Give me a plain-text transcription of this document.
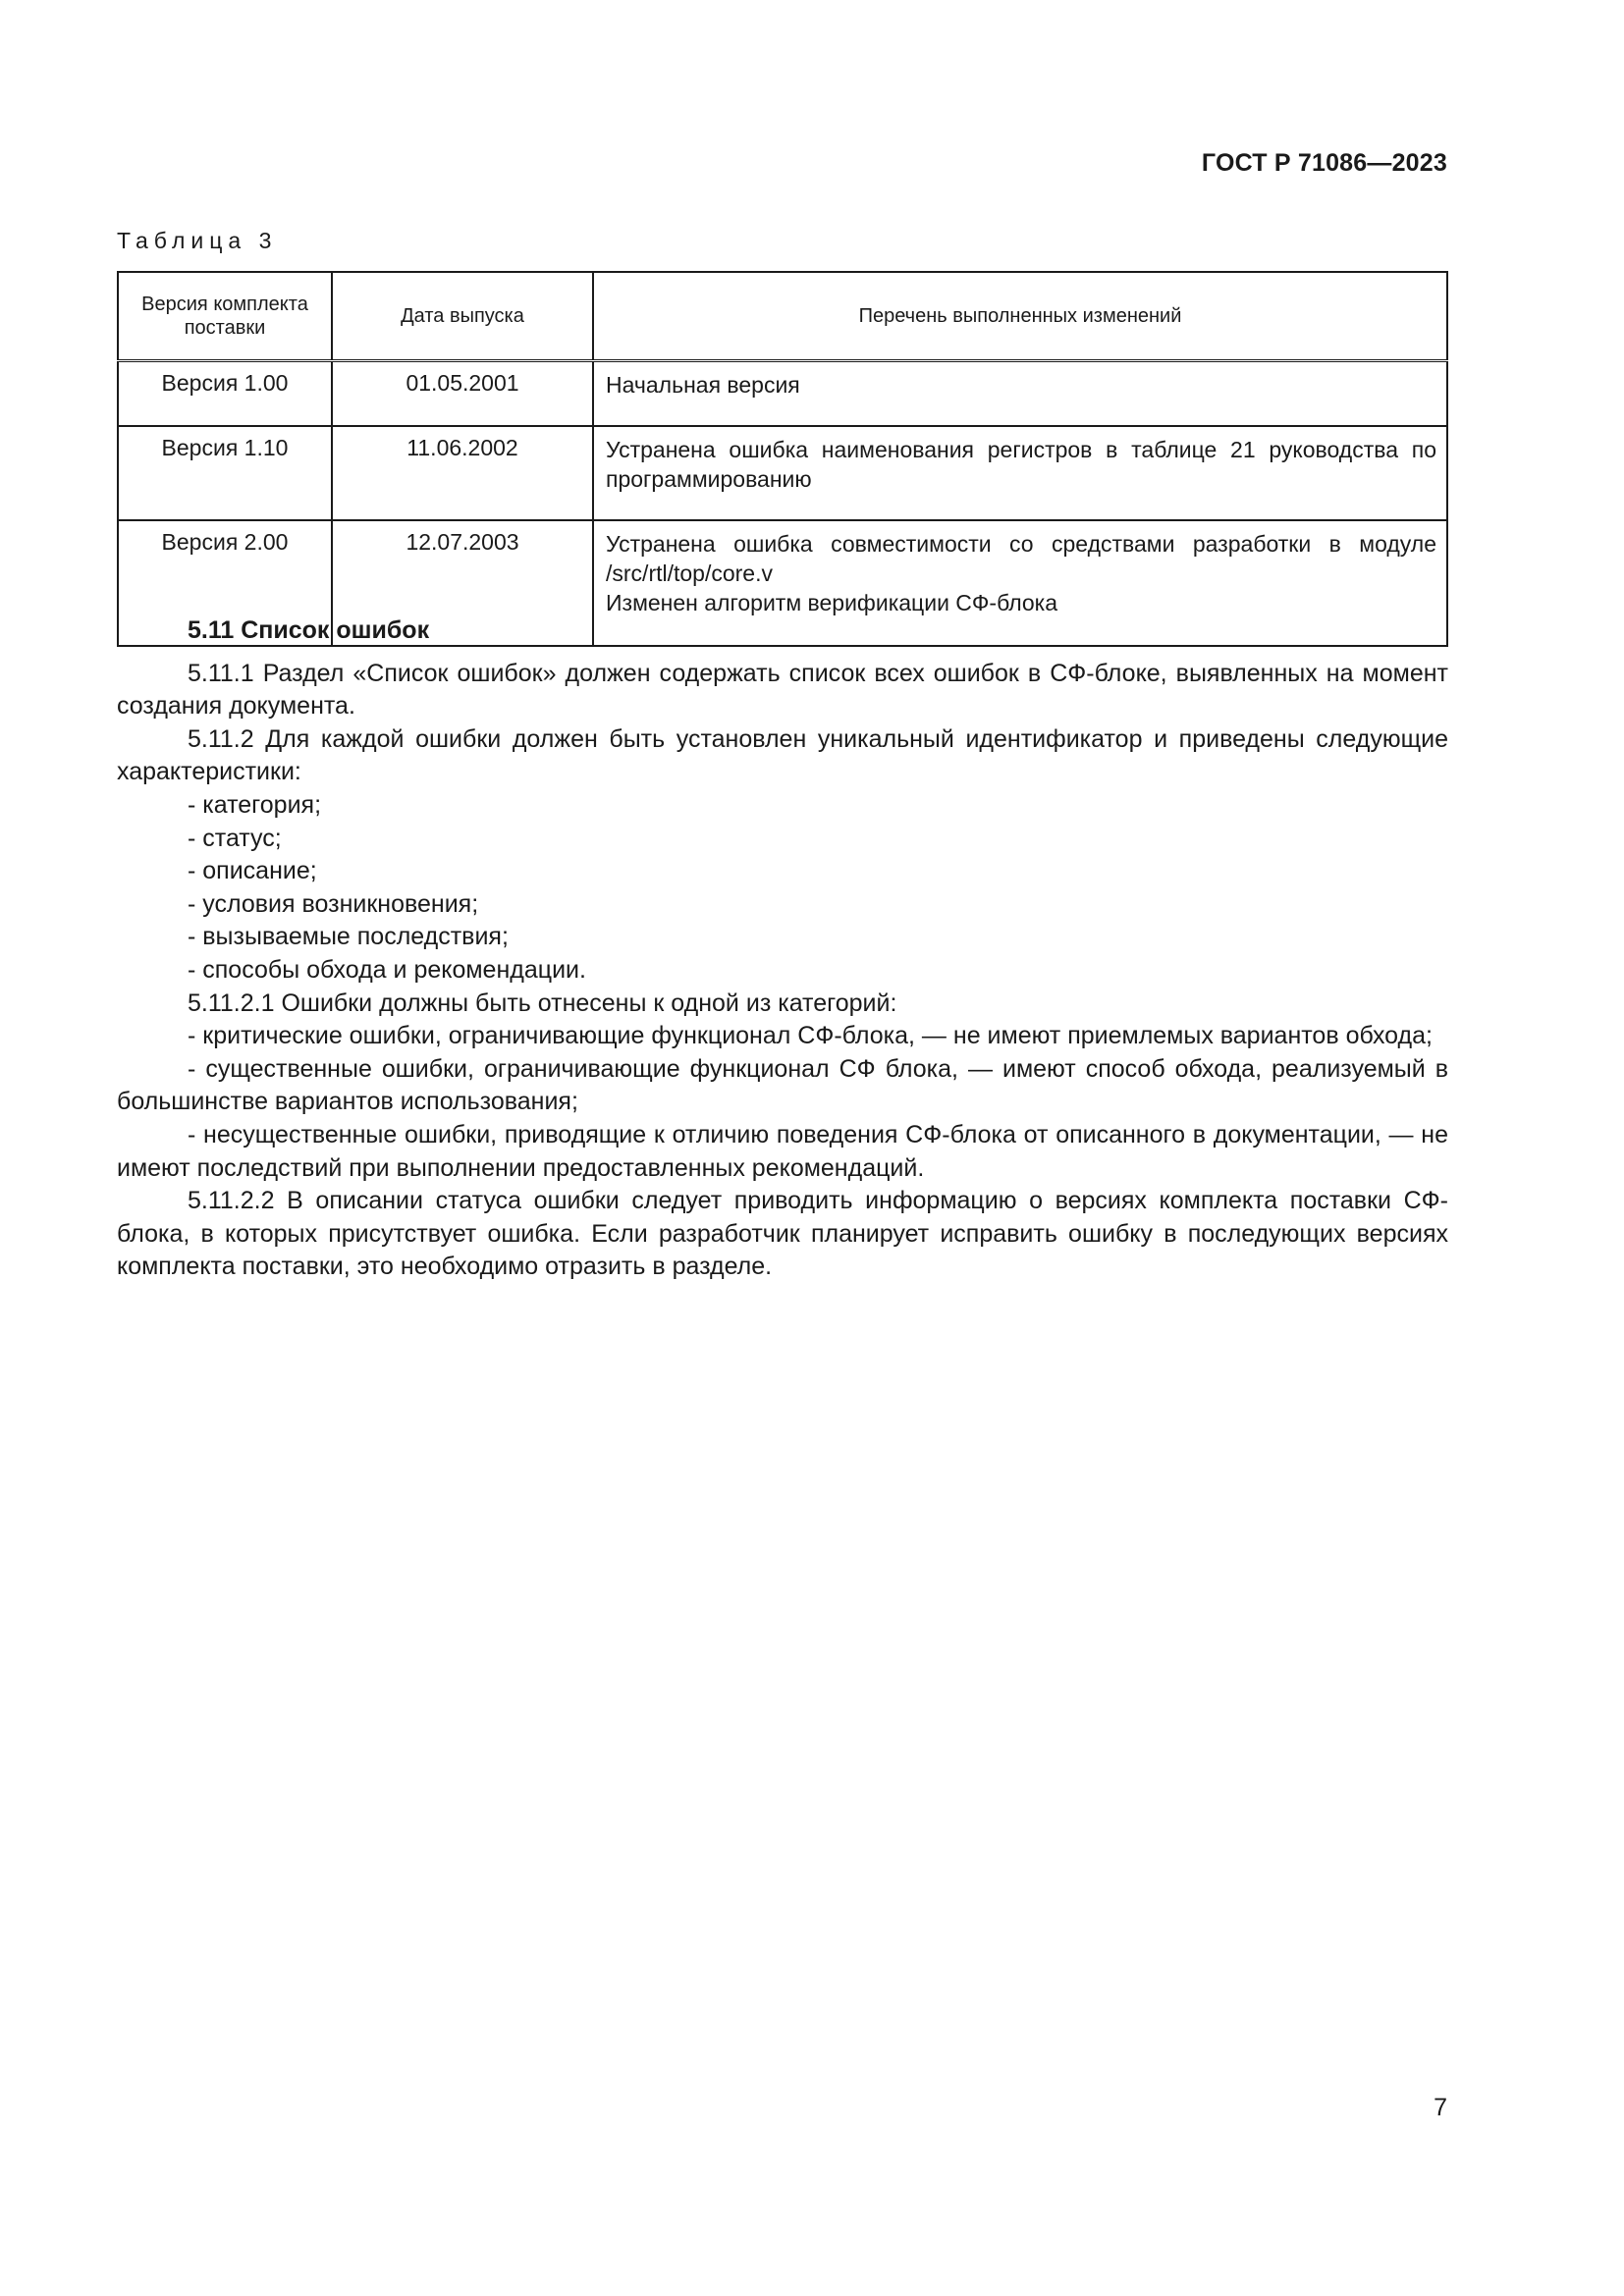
ГОСТ Р 71086—2023
Таблица 3
Версия комплекта поставки	Дата выпуска	Перечень выполненных изменений
Версия 1.00	01.05.2001	Начальная версия

Версия 1.10	11.06.2002	Устранена ошибка наименования регистров в таблице 21 руководства по программированию

Версия 2.00	12.07.2003	Устранена ошибка совместимости со средствами разработки в модуле /src/rtl/top/core.v
Изменен алгоритм верификации СФ-блока

5.11 Список ошибок

5.11.1 Раздел «Список ошибок» должен содержать список всех ошибок в СФ-блоке, выявленных на момент создания документа.

5.11.2 Для каждой ошибки должен быть установлен уникальный идентификатор и приведены следующие характеристики:

- категория;

- статус;

- описание;

- условия возникновения;

- вызываемые последствия;

- способы обхода и рекомендации.

5.11.2.1 Ошибки должны быть отнесены к одной из категорий:

- критические ошибки, ограничивающие функционал СФ-блока, — не имеют приемлемых вариантов обхода;

- существенные ошибки, ограничивающие функционал СФ блока, — имеют способ обхода, реализуемый в большинстве вариантов использования;

- несущественные ошибки, приводящие к отличию поведения СФ-блока от описанного в документации, — не имеют последствий при выполнении предоставленных рекомендаций.

5.11.2.2 В описании статуса ошибки следует приводить информацию о версиях комплекта поставки СФ-блока, в которых присутствует ошибка. Если разработчик планирует исправить ошибку в последующих версиях комплекта поставки, это необходимо отразить в разделе.

7
